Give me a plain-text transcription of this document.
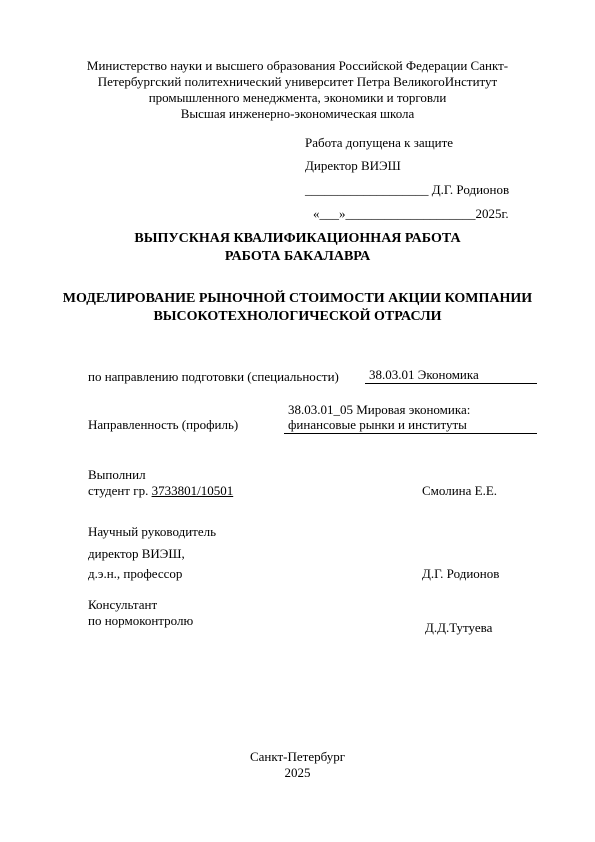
Министерство науки и высшего образования Российской Федерации Санкт-
Петербургский политехнический университет Петра ВеликогоИнститут
промышленного менеджмента, экономики и торговли
Высшая инженерно-экономическая школа
Работа допущена к защите
Директор ВИЭШ
___________________ Д.Г. Родионов
«___»____________________2025г.
ВЫПУСКНАЯ КВАЛИФИКАЦИОННАЯ РАБОТА
РАБОТА БАКАЛАВРА
МОДЕЛИРОВАНИЕ РЫНОЧНОЙ СТОИМОСТИ АКЦИИ КОМПАНИИ
ВЫСОКОТЕХНОЛОГИЧЕСКОЙ ОТРАСЛИ
по направлению подготовки (специальности)	38.03.01 Экономика
Направленность (профиль)
38.03.01_05 Мировая экономика:
финансовые рынки и институты
Выполнил
студент гр. 3733801/10501	Смолина Е.Е.
Научный руководитель
директор ВИЭШ,
д.э.н., профессор	Д.Г. Родионов
Консультант
по нормоконтролю	Д.Д.Тутуева
Санкт-Петербург
2025
